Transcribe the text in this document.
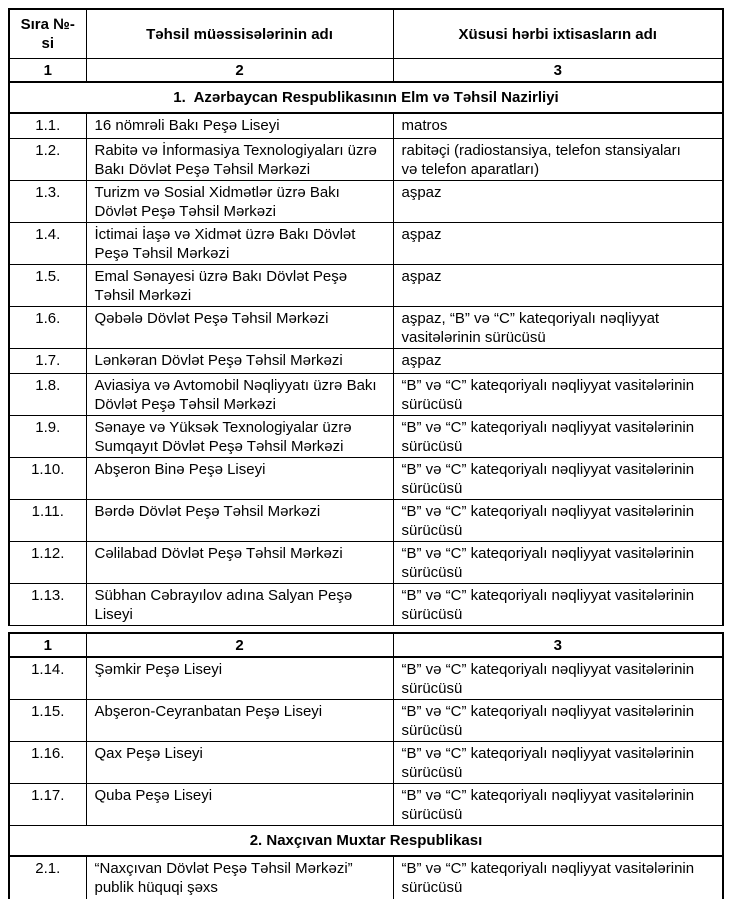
Sıra №-si	Təhsil müəssisələrinin adı	Xüsusi hərbi ixtisasların adı
1	2	3
1.  Azərbaycan Respublikasının Elm və Təhsil Nazirliyi		
1.1.	16 nömrəli Bakı Peşə Liseyi	matros
1.2.	Rabitə və İnformasiya Texnologiyaları üzrə Bakı Dövlət Peşə Təhsil Mərkəzi	rabitəçi (radiostansiya, telefon stansiyaları və telefon aparatları)
1.3.	Turizm və Sosial Xidmətlər üzrə Bakı Dövlət Peşə Təhsil Mərkəzi	aşpaz
1.4.	İctimai İaşə və Xidmət üzrə Bakı Dövlət Peşə Təhsil Mərkəzi	aşpaz
1.5.	Emal Sənayesi üzrə Bakı Dövlət Peşə Təhsil Mərkəzi	aşpaz
1.6.	Qəbələ Dövlət Peşə Təhsil Mərkəzi	aşpaz, “B” və “C” kateqoriyalı nəqliyyat vasitələrinin sürücüsü
1.7.	Lənkəran Dövlət Peşə Təhsil Mərkəzi	aşpaz
1.8.	Aviasiya və Avtomobil Nəqliyyatı üzrə Bakı Dövlət Peşə Təhsil Mərkəzi	“B” və “C” kateqoriyalı nəqliyyat vasitələrinin sürücüsü
1.9.	Sənaye və Yüksək Texnologiyalar üzrə Sumqayıt Dövlət Peşə Təhsil Mərkəzi	“B” və “C” kateqoriyalı nəqliyyat vasitələrinin sürücüsü
1.10.	Abşeron Binə Peşə Liseyi	“B” və “C” kateqoriyalı nəqliyyat vasitələrinin sürücüsü
1.11.	Bərdə Dövlət Peşə Təhsil Mərkəzi	“B” və “C” kateqoriyalı nəqliyyat vasitələrinin sürücüsü
1.12.	Cəlilabad Dövlət Peşə Təhsil Mərkəzi	“B” və “C” kateqoriyalı nəqliyyat vasitələrinin sürücüsü
1.13.	Sübhan Cəbrayılov adına Salyan Peşə Liseyi	“B” və “C” kateqoriyalı nəqliyyat vasitələrinin sürücüsü
1	2	3
1.14.	Şəmkir Peşə Liseyi	“B” və “C” kateqoriyalı nəqliyyat vasitələrinin sürücüsü
1.15.	Abşeron-Ceyranbatan Peşə Liseyi	“B” və “C” kateqoriyalı nəqliyyat vasitələrinin sürücüsü
1.16.	Qax Peşə Liseyi	“B” və “C” kateqoriyalı nəqliyyat vasitələrinin sürücüsü
1.17.	Quba Peşə Liseyi	“B” və “C” kateqoriyalı nəqliyyat vasitələrinin sürücüsü
2. Naxçıvan Muxtar Respublikası		
2.1.	“Naxçıvan Dövlət Peşə Təhsil Mərkəzi” publik hüquqi şəxs	“B” və “C” kateqoriyalı nəqliyyat vasitələrinin sürücüsü
